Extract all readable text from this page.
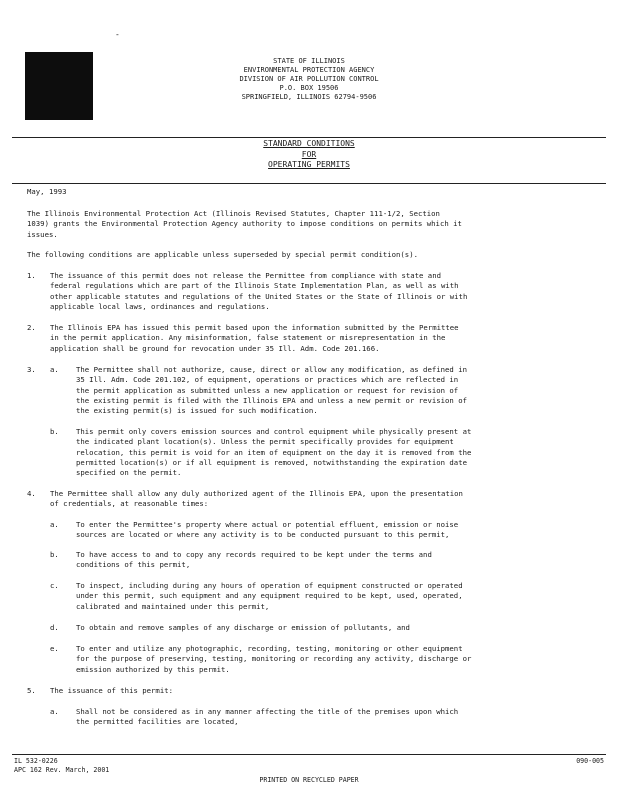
-
STATE OF ILLINOIS
ENVIRONMENTAL PROTECTION AGENCY
DIVISION OF AIR POLLUTION CONTROL
P.O. BOX 19506
SPRINGFIELD, ILLINOIS 62794-9506
STANDARD CONDITIONS
FOR
OPERATING PERMITS
May, 1993
The Illinois Environmental Protection Act (Illinois Revised Statutes, Chapter 111-1/2, Section
1039) grants the Environmental Protection Agency authority to impose conditions on permits which it
issues.
The following conditions are applicable unless superseded by special permit condition(s).
1. The issuance of this permit does not release the Permittee from compliance with state and
federal regulations which are part of the Illinois State Implementation Plan, as well as with
other applicable statutes and regulations of the United States or the State of Illinois or with
applicable local laws, ordinances and regulations.
2. The Illinois EPA has issued this permit based upon the information submitted by the Permittee
in the permit application. Any misinformation, false statement or misrepresentation in the
application shall be ground for revocation under 35 Ill. Adm. Code 201.166.
3. a. The Permittee shall not authorize, cause, direct or allow any modification, as defined in
35 Ill. Adm. Code 201.102, of equipment, operations or practices which are reflected in
the permit application as submitted unless a new application or request for revision of
the existing permit is filed with the Illinois EPA and unless a new permit or revision of
the existing permit(s) is issued for such modification.
b. This permit only covers emission sources and control equipment while physically present at
the indicated plant location(s). Unless the permit specifically provides for equipment
relocation, this permit is void for an item of equipment on the day it is removed from the
permitted location(s) or if all equipment is removed, notwithstanding the expiration date
specified on the permit.
4. The Permittee shall allow any duly authorized agent of the Illinois EPA, upon the presentation
of credentials, at reasonable times:
a. To enter the Permittee's property where actual or potential effluent, emission or noise
sources are located or where any activity is to be conducted pursuant to this permit,
b. To have access to and to copy any records required to be kept under the terms and
conditions of this permit,
c. To inspect, including during any hours of operation of equipment constructed or operated
under this permit, such equipment and any equipment required to be kept, used, operated,
calibrated and maintained under this permit,
d. To obtain and remove samples of any discharge or emission of pollutants, and
e. To enter and utilize any photographic, recording, testing, monitoring or other equipment
for the purpose of preserving, testing, monitoring or recording any activity, discharge or
emission authorized by this permit.
5. The issuance of this permit:
a. Shall not be considered as in any manner affecting the title of the premises upon which
the permitted facilities are located,
IL 532-0226
APC 162 Rev. March, 2001
090-005
PRINTED ON RECYCLED PAPER
